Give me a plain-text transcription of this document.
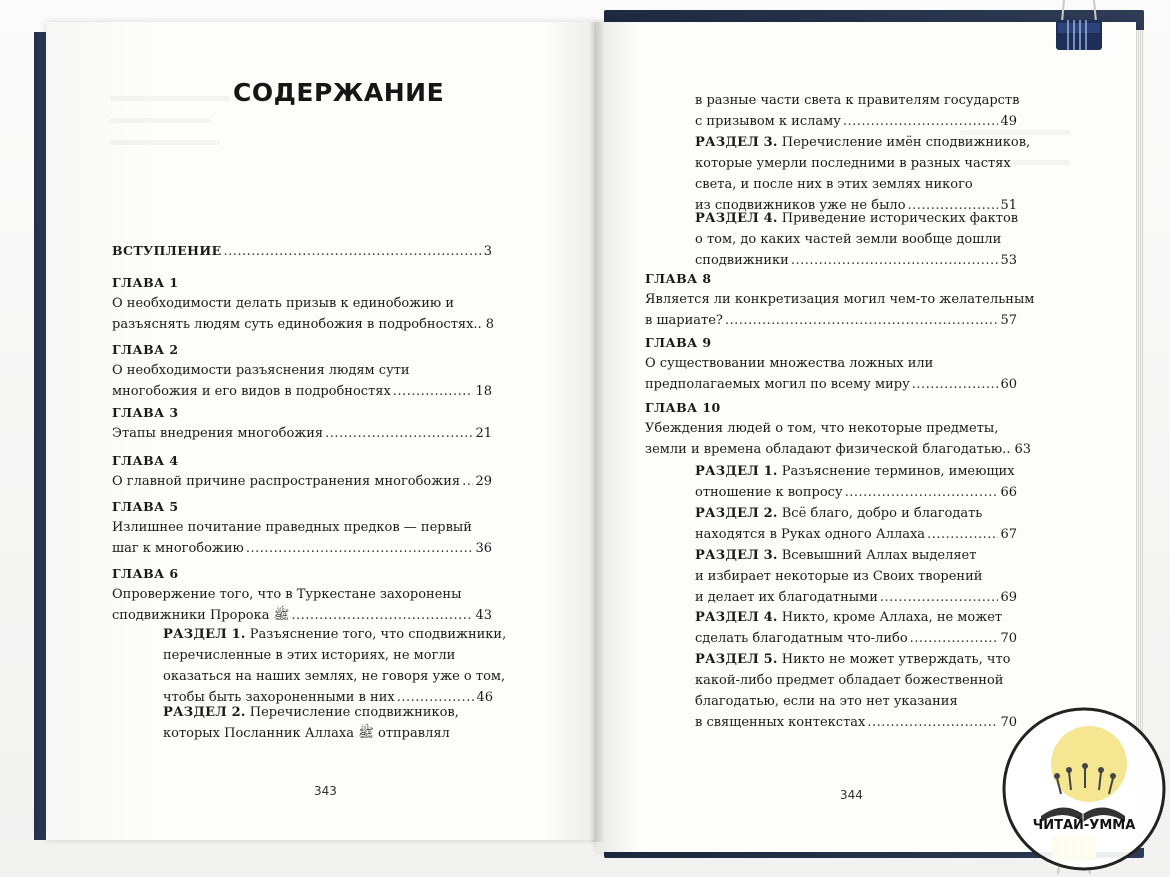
СОДЕРЖАНИЕ
ВСТУПЛЕНИЕ .....	3
ГЛАВА 1
О необходимости делать призыв к единобожию и
разъяснять людям суть единобожия в подробностях.. 8
ГЛАВА 2
О необходимости разъяснения людям сути
многобожия и его видов в подробностях .....	18
ГЛАВА 3
Этапы внедрения многобожия .....	21
ГЛАВА 4
О главной причине распространения многобожия ..... 29
ГЛАВА 5
Излишнее почитание праведных предков — первый
шаг к многобожию .....	36
ГЛАВА 6
Опровержение того, что в Туркестане захоронены
сподвижники Пророка ﷺ .....	43
РАЗДЕЛ 1. Разъяснение того, что сподвижники,
перечисленные в этих историях, не могли
оказаться на наших землях, не говоря уже о том,
чтобы быть захороненными в них .....	46
РАЗДЕЛ 2. Перечисление сподвижников,
которых Посланник Аллаха ﷺ отправлял
в разные части света к правителям государств
с призывом к исламу .....	49
РАЗДЕЛ 3. Перечисление имён сподвижников,
которые умерли последними в разных частях
света, и после них в этих землях никого
из сподвижников уже не было .....	51
РАЗДЕЛ 4. Приведение исторических фактов
о том, до каких частей земли вообще дошли
сподвижники .....	53
ГЛАВА 8
Является ли конкретизация могил чем-то желательным
в шариате? .....	57
ГЛАВА 9
О существовании множества ложных или
предполагаемых могил по всему миру .....	60
ГЛАВА 10
Убеждения людей о том, что некоторые предметы,
земли и времена обладают физической благодатью.. 63
РАЗДЕЛ 1. Разъяснение терминов, имеющих
отношение к вопросу .....	66
РАЗДЕЛ 2. Всё благо, добро и благодать
находятся в Руках одного Аллаха .....	67
РАЗДЕЛ 3. Всевышний Аллах выделяет
и избирает некоторые из Своих творений
и делает их благодатными .....	69
РАЗДЕЛ 4. Никто, кроме Аллаха, не может
сделать благодатным что-либо .....	70
РАЗДЕЛ 5. Никто не может утверждать, что
какой-либо предмет обладает божественной
благодатью, если на это нет указания
в священных контекстах .....	70
343	344
ЧИТАЙ-УММА
